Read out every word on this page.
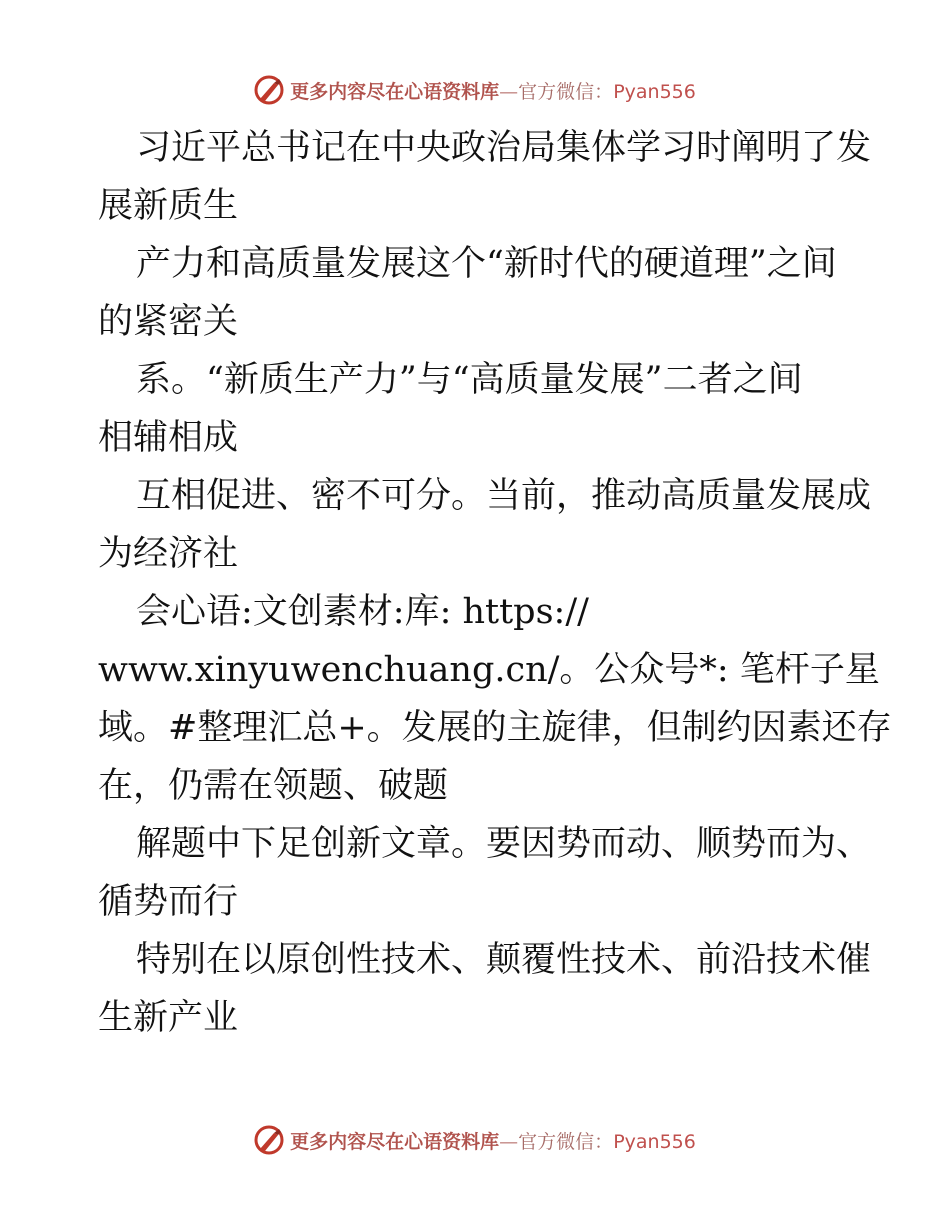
更多内容尽在心语资料库—官方微信：Pyan556
习近平总书记在中央政治局集体学习时阐明了发
展新质生
产力和高质量发展这个“新时代的硬道理”之间
的紧密关
系。“新质生产力”与“高质量发展”二者之间
相辅相成
互相促进、密不可分。当前，推动高质量发展成
为经济社
会心语:文创素材:库: https://
www.xinyuwenchuang.cn/。公众号*: 笔杆子星
域。#整理汇总+。发展的主旋律，但制约因素还存
在，仍需在领题、破题
解题中下足创新文章。要因势而动、顺势而为、
循势而行
特别在以原创性技术、颠覆性技术、前沿技术催
生新产业
更多内容尽在心语资料库—官方微信：Pyan556
